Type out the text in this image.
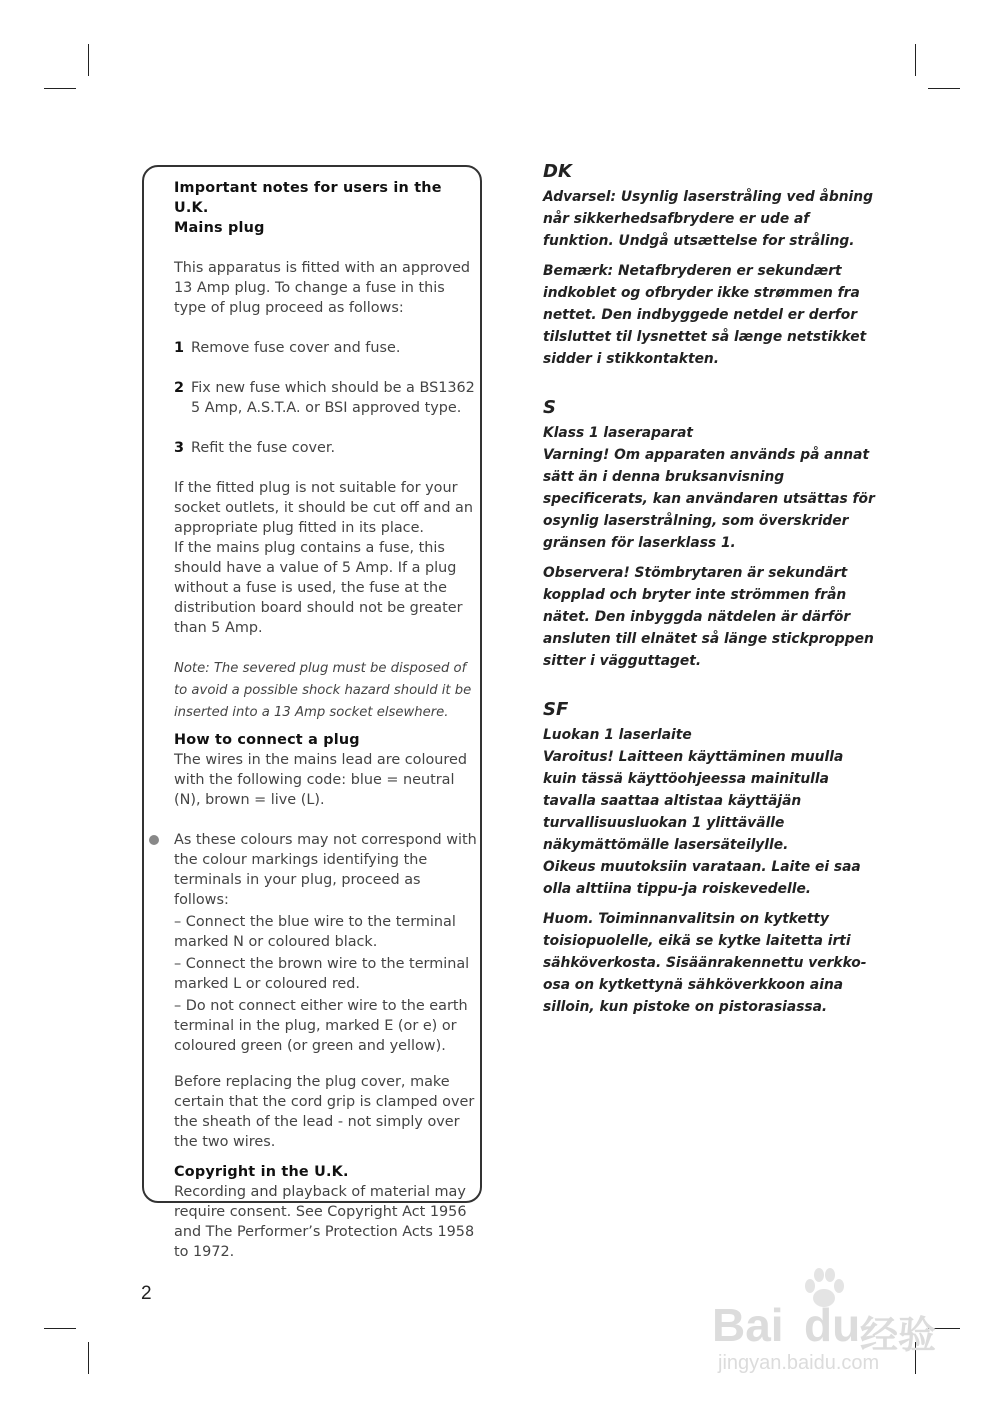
Important notes for users in the U.K.

Mains plug

This apparatus is fitted with an approved 13 Amp plug. To change a fuse in this type of plug proceed as follows:

1 Remove fuse cover and fuse.

2 Fix new fuse which should be a BS1362 5 Amp, A.S.T.A. or BSI approved type.

3 Refit the fuse cover.

If the fitted plug is not suitable for your socket outlets, it should be cut off and an appropriate plug fitted in its place.

If the mains plug contains a fuse, this should have a value of 5 Amp. If a plug without a fuse is used, the fuse at the distribution board should not be greater than 5 Amp.

Note: The severed plug must be disposed of to avoid a possible shock hazard should it be inserted into a 13 Amp socket elsewhere.

How to connect a plug

The wires in the mains lead are coloured with the following code: blue = neutral (N), brown = live (L).

As these colours may not correspond with the colour markings identifying the terminals in your plug, proceed as follows:

– Connect the blue wire to the terminal marked N or coloured black.

– Connect the brown wire to the terminal marked L or coloured red.

– Do not connect either wire to the earth terminal in the plug, marked E (or e) or coloured green (or green and yellow).

Before replacing the plug cover, make certain that the cord grip is clamped over the sheath of the lead - not simply over the two wires.

Copyright in the U.K.

Recording and playback of material may require consent. See Copyright Act 1956 and The Performer’s Protection Acts 1958 to 1972.

DK

Advarsel: Usynlig laserstråling ved åbning når sikkerhedsafbrydere er ude af funktion. Undgå utsættelse for stråling.

Bemærk: Netafbryderen er sekundært indkoblet og ofbryder ikke strømmen fra nettet. Den indbyggede netdel er derfor tilsluttet til lysnettet så længe netstikket sidder i stikkontakten.

S

Klass 1 laseraparat

Varning! Om apparaten används på annat sätt än i denna bruksanvisning specificerats, kan användaren utsättas för osynlig laserstrålning, som överskrider gränsen för laserklass 1.

Observera! Stömbrytaren är sekundärt kopplad och bryter inte strömmen från nätet. Den inbyggda nätdelen är därför ansluten till elnätet så länge stickproppen sitter i vägguttaget.

SF

Luokan 1 laserlaite

Varoitus! Laitteen käyttäminen muulla kuin tässä käyttöohjeessa mainitulla tavalla saattaa altistaa käyttäjän turvallisuusluokan 1 ylittävälle näkymättömälle lasersäteilylle.

Oikeus muutoksiin varataan. Laite ei saa olla alttiina tippu-ja roiskevedelle.

Huom. Toiminnanvalitsin on kytketty toisiopuolelle, eikä se kytke laitetta irti sähköverkosta. Sisäänrakennettu verkko-osa on kytkettynä sähköverkkoon aina silloin, kun pistoke on pistorasiassa.

2
Bai du 经验
jingyan.baidu.com
